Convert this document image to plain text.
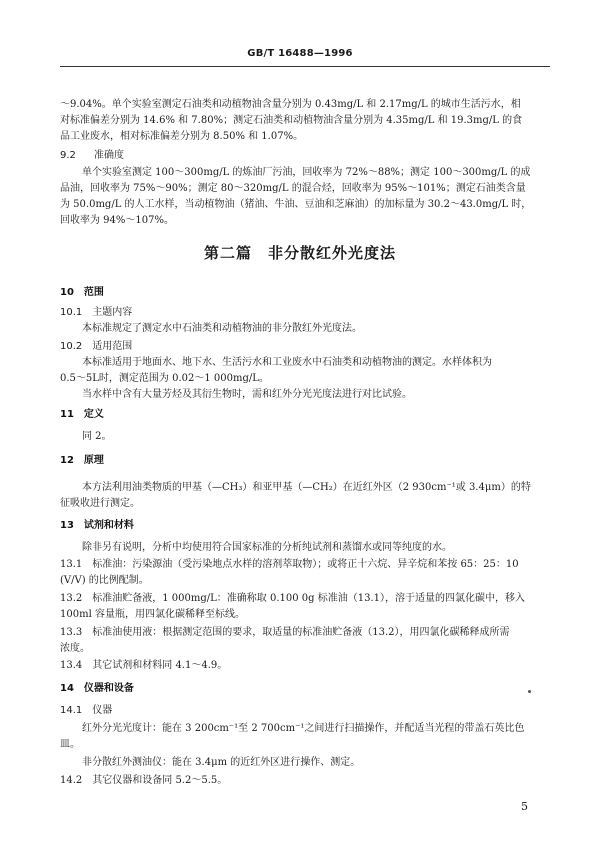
GB/T 16488—1996
～9.04%。单个实验室测定石油类和动植物油含量分别为 0.43mg/L 和 2.17mg/L 的城市生活污水，相
对标准偏差分别为 14.6% 和 7.80%；测定石油类和动植物油含量分别为 4.35mg/L 和 19.3mg/L 的食
品工业废水，相对标准偏差分别为 8.50% 和 1.07%。
9.2 准确度
单个实验室测定 100～300mg/L 的炼油厂污油，回收率为 72%～88%；测定 100～300mg/L 的成
品油，回收率为 75%～90%；测定 80～320mg/L 的混合烃，回收率为 95%～101%；测定石油类含量
为 50.0mg/L 的人工水样，当动植物油（猪油、牛油、豆油和芝麻油）的加标量为 30.2～43.0mg/L 时，
回收率为 94%～107%。
第二篇　非分散红外光度法
10　范围
10.1　主题内容
本标准规定了测定水中石油类和动植物油的非分散红外光度法。
10.2　适用范围
本标准适用于地面水、地下水、生活污水和工业废水中石油类和动植物油的测定。水样体积为
0.5～5L时，测定范围为 0.02～1 000mg/L。
当水样中含有大量芳烃及其衍生物时，需和红外分光光度法进行对比试验。
11　定义
同 2。
12　原理
本方法利用油类物质的甲基（—CH₃）和亚甲基（—CH₂）在近红外区（2 930cm⁻¹或 3.4μm）的特
征吸收进行测定。
13　试剂和材料
除非另有说明，分析中均使用符合国家标准的分析纯试剂和蒸馏水或同等纯度的水。
13.1　标准油：污染源油（受污染地点水样的溶剂萃取物）；或将正十六烷、异辛烷和苯按 65：25：10
(V/V) 的比例配制。
13.2　标准油贮备液，1 000mg/L：准确称取 0.100 0g 标准油（13.1），溶于适量的四氯化碳中，移入
100ml 容量瓶，用四氯化碳稀释至标线。
13.3　标准油使用液：根据测定范围的要求，取适量的标准油贮备液（13.2），用四氯化碳稀释成所需
浓度。
13.4　其它试剂和材料同 4.1～4.9。
14　仪器和设备
14.1　仪器
红外分光光度计：能在 3 200cm⁻¹至 2 700cm⁻¹之间进行扫描操作，并配适当光程的带盖石英比色
皿。
非分散红外测油仪：能在 3.4μm 的近红外区进行操作、测定。
14.2　其它仪器和设备同 5.2～5.5。
5
